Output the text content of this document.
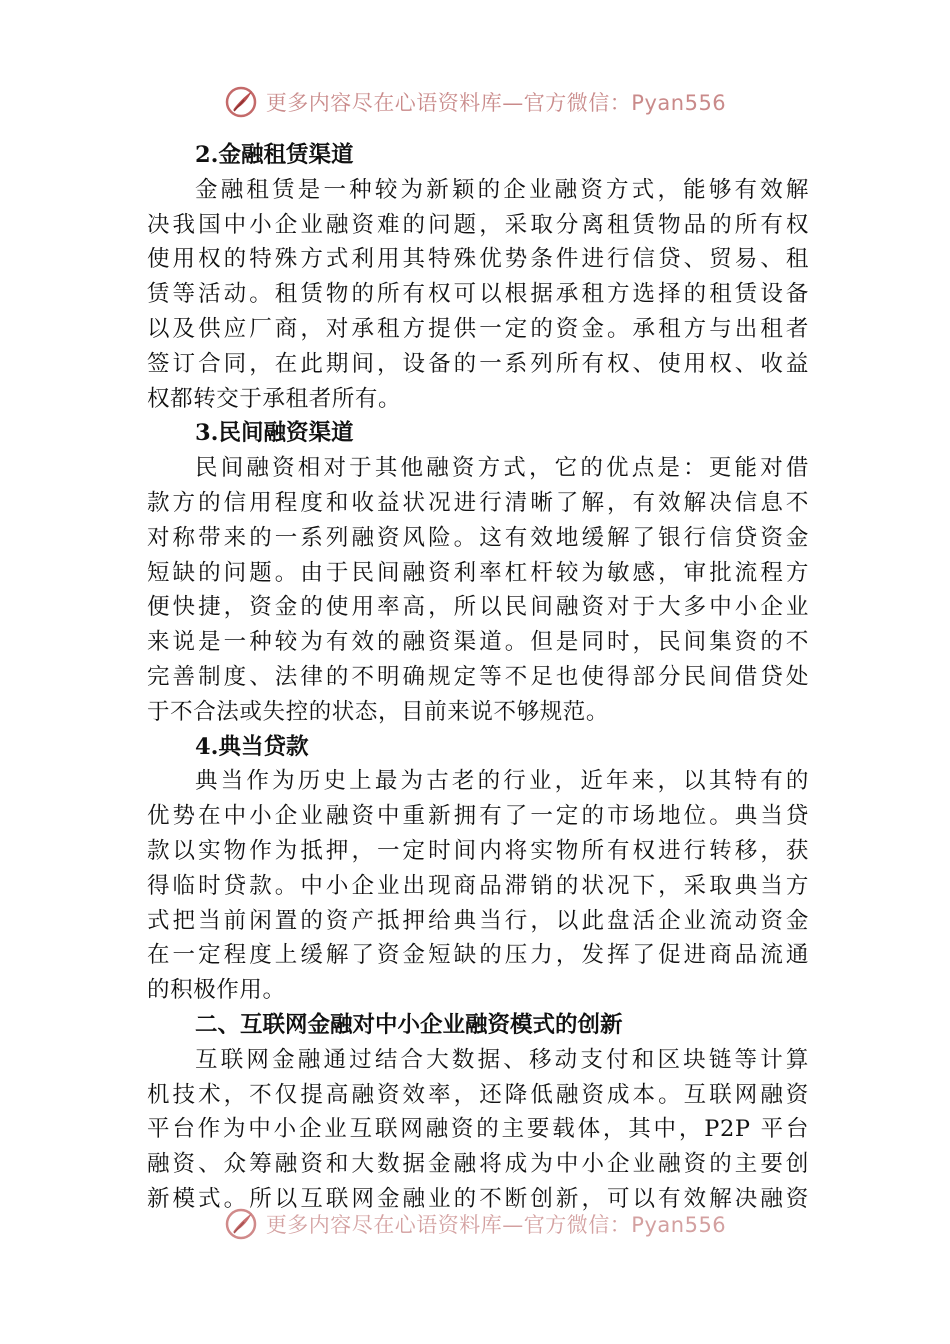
更多内容尽在心语资料库—官方微信：Pyan556
2.金融租赁渠道
金融租赁是一种较为新颖的企业融资方式，能够有效解
决我国中小企业融资难的问题，采取分离租赁物品的所有权
使用权的特殊方式利用其特殊优势条件进行信贷、贸易、租
赁等活动。租赁物的所有权可以根据承租方选择的租赁设备
以及供应厂商，对承租方提供一定的资金。承租方与出租者
签订合同，在此期间，设备的一系列所有权、使用权、收益
权都转交于承租者所有。
3.民间融资渠道
民间融资相对于其他融资方式，它的优点是：更能对借
款方的信用程度和收益状况进行清晰了解，有效解决信息不
对称带来的一系列融资风险。这有效地缓解了银行信贷资金
短缺的问题。由于民间融资利率杠杆较为敏感，审批流程方
便快捷，资金的使用率高，所以民间融资对于大多中小企业
来说是一种较为有效的融资渠道。但是同时，民间集资的不
完善制度、法律的不明确规定等不足也使得部分民间借贷处
于不合法或失控的状态，目前来说不够规范。
4.典当贷款
典当作为历史上最为古老的行业，近年来，以其特有的
优势在中小企业融资中重新拥有了一定的市场地位。典当贷
款以实物作为抵押，一定时间内将实物所有权进行转移，获
得临时贷款。中小企业出现商品滞销的状况下，采取典当方
式把当前闲置的资产抵押给典当行，以此盘活企业流动资金
在一定程度上缓解了资金短缺的压力，发挥了促进商品流通
的积极作用。
二、互联网金融对中小企业融资模式的创新
互联网金融通过结合大数据、移动支付和区块链等计算
机技术，不仅提高融资效率，还降低融资成本。互联网融资
平台作为中小企业互联网融资的主要载体，其中，P2P 平台
融资、众筹融资和大数据金融将成为中小企业融资的主要创
新模式。所以互联网金融业的不断创新，可以有效解决融资
更多内容尽在心语资料库—官方微信：Pyan556
